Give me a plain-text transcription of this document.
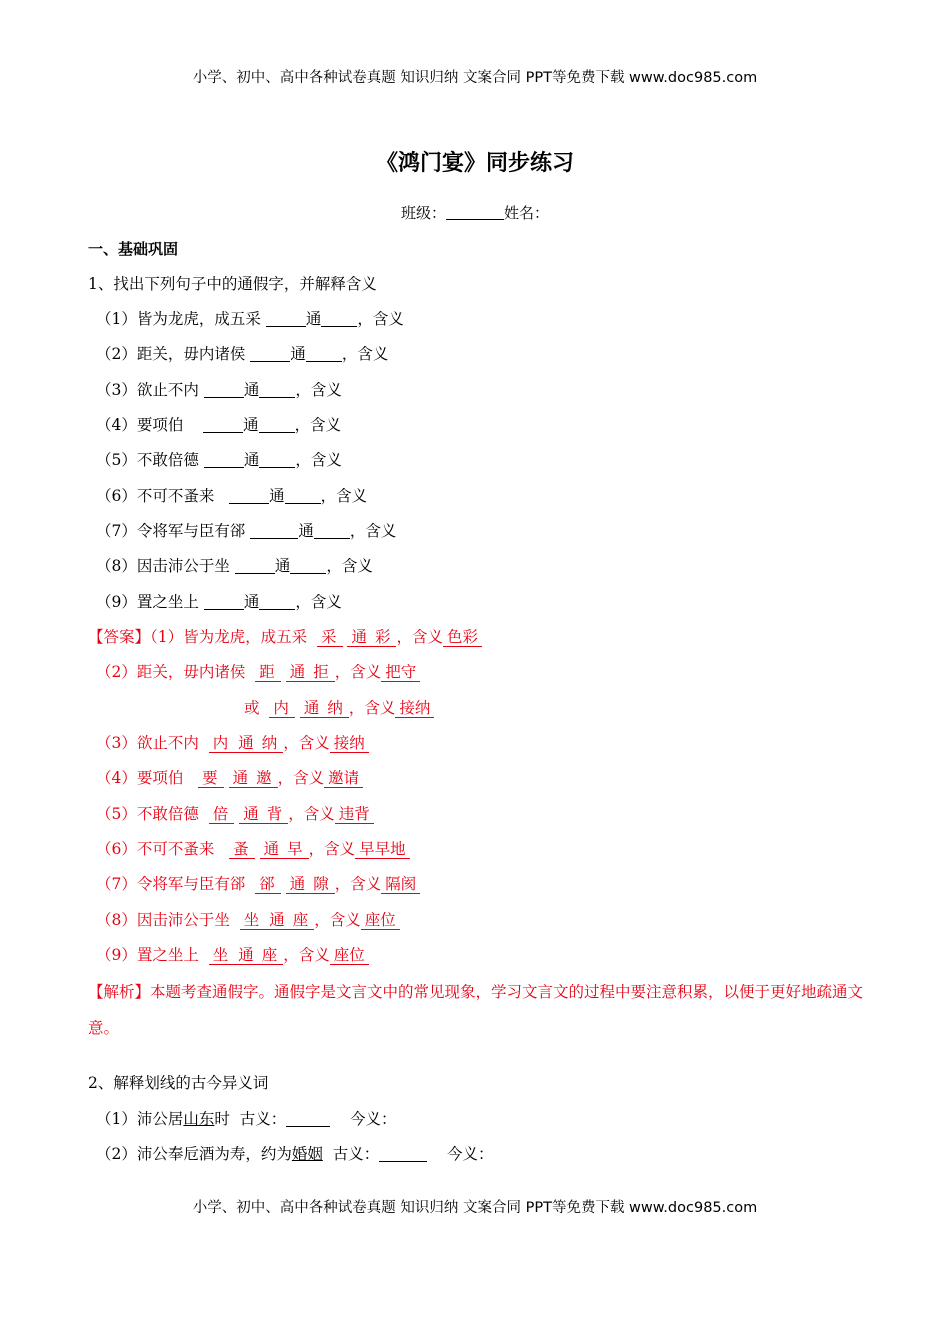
小学、初中、高中各种试卷真题 知识归纳 文案合同 PPT等免费下载 www.doc985.com
《鸿门宴》同步练习
班级：	姓名：
一、基础巩固
1、找出下列句子中的通假字，并解释含义
（1）皆为龙虎，成五采	通 ，含义
（2）距关，毋内诸侯	通 ，含义
（3）欲止不内	通 ，含义
（4）要项伯	通 ，含义
（5）不敢倍德	通 ，含义
（6）不可不蚤来	通 ，含义
（7）令将军与臣有郤	通 ，含义
（8）因击沛公于坐	通 ，含义
（9）置之坐上	通 ，含义
【答案】（1）皆为龙虎，成五采 采 通 彩 ，含义 色彩
（2）距关，毋内诸侯 距 通 拒 ，含义 把守
或 内 通 纳 ，含义 接纳
（3）欲止不内 内 通 纳 ，含义 接纳
（4）要项伯 要 通 邀 ，含义 邀请
（5）不敢倍德 倍 通 背 ，含义 违背
（6）不可不蚤来 蚤 通 早 ，含义 早早地
（7）令将军与臣有郤 郤 通 隙 ，含义 隔阂
（8）因击沛公于坐 坐 通 座 ，含义 座位
（9）置之坐上 坐 通 座 ，含义 座位
【解析】本题考查通假字。通假字是文言文中的常见现象，学习文言文的过程中要注意积累，以便于更好地疏通文意。
2、解释划线的古今异义词
（1）沛公居山东时 古义：	今义：
（2）沛公奉卮酒为寿，约为婚姻 古义：	今义：
小学、初中、高中各种试卷真题 知识归纳 文案合同 PPT等免费下载 www.doc985.com
